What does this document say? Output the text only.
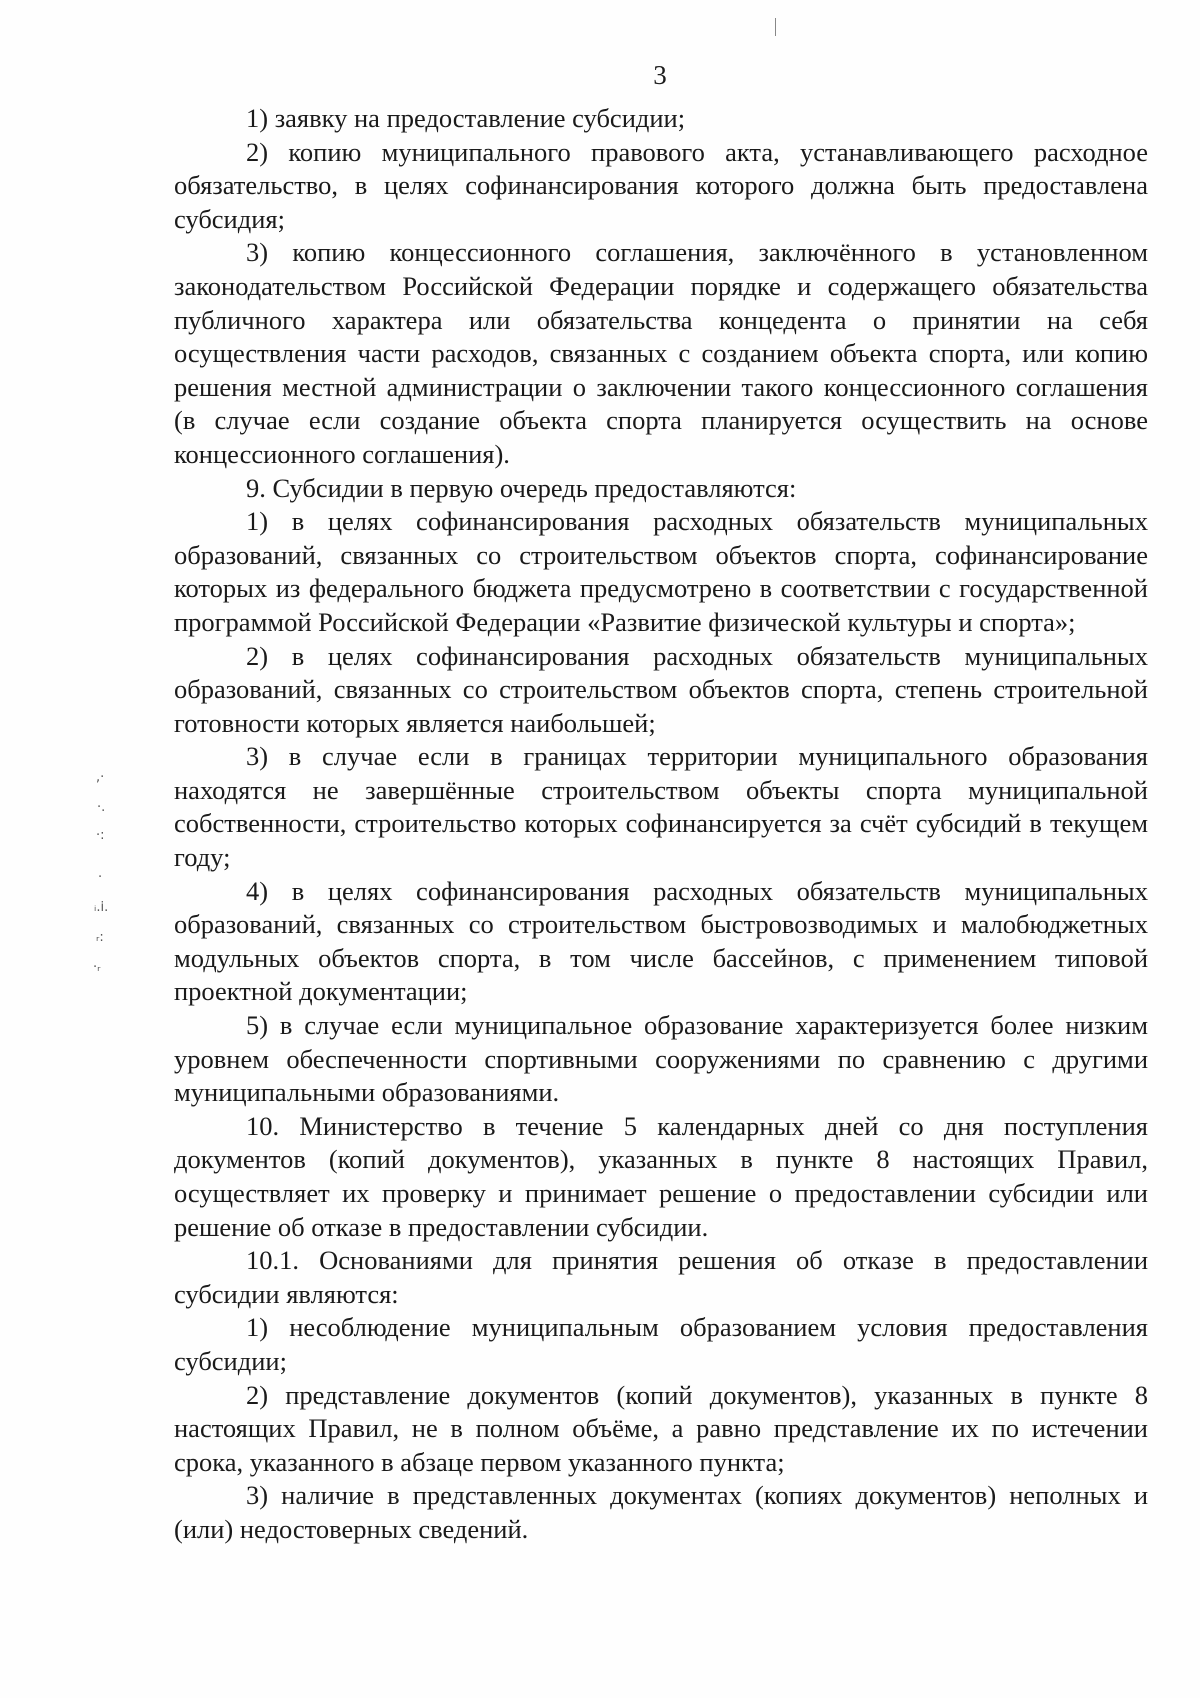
3

1) заявку на предоставление субсидии;

2) копию муниципального правового акта, устанавливающего расходное обязательство, в целях софинансирования которого должна быть предоставлена субсидия;

3) копию концессионного соглашения, заключённого в установленном законодательством Российской Федерации порядке и содержащего обязательства публичного характера или обязательства концедента о принятии на себя осуществления части расходов, связанных с созданием объекта спорта, или копию решения местной администрации о заключении такого концессионного соглашения (в случае если создание объекта спорта планируется осуществить на основе концессионного соглашения).

9. Субсидии в первую очередь предоставляются:

1) в целях софинансирования расходных обязательств муниципальных образований, связанных со строительством объектов спорта, софинансирование которых из федерального бюджета предусмотрено в соответствии с государственной программой Российской Федерации «Развитие физической культуры и спорта»;

2) в целях софинансирования расходных обязательств муниципальных образований, связанных со строительством объектов спорта, степень строительной готовности которых является наибольшей;

3) в случае если в границах территории муниципального образования находятся не завершённые строительством объекты спорта муниципальной собственности, строительство которых софинансируется за счёт субсидий в текущем году;

4) в целях софинансирования расходных обязательств муниципальных образований, связанных со строительством быстровозводимых и малобюджетных модульных объектов спорта, в том числе бассейнов, с применением типовой проектной документации;

5) в случае если муниципальное образование характеризуется более низким уровнем обеспеченности спортивными сооружениями по сравнению с другими муниципальными образованиями.

10. Министерство в течение 5 календарных дней со дня поступления документов (копий документов), указанных в пункте 8 настоящих Правил, осуществляет их проверку и принимает решение о предоставлении субсидии или решение об отказе в предоставлении субсидии.

10.1. Основаниями для принятия решения об отказе в предоставлении субсидии являются:

1) несоблюдение муниципальным образованием условия предоставления субсидии;

2) представление документов (копий документов), указанных в пункте 8 настоящих Правил, не в полном объёме, а равно представление их по истечении срока, указанного в абзаце первом указанного пункта;

3) наличие в представленных документах (копиях документов) неполных и (или) недостоверных сведений.

,·
·.
·:
·
ᵢ.i.
ᵣ:
·ᵣ
